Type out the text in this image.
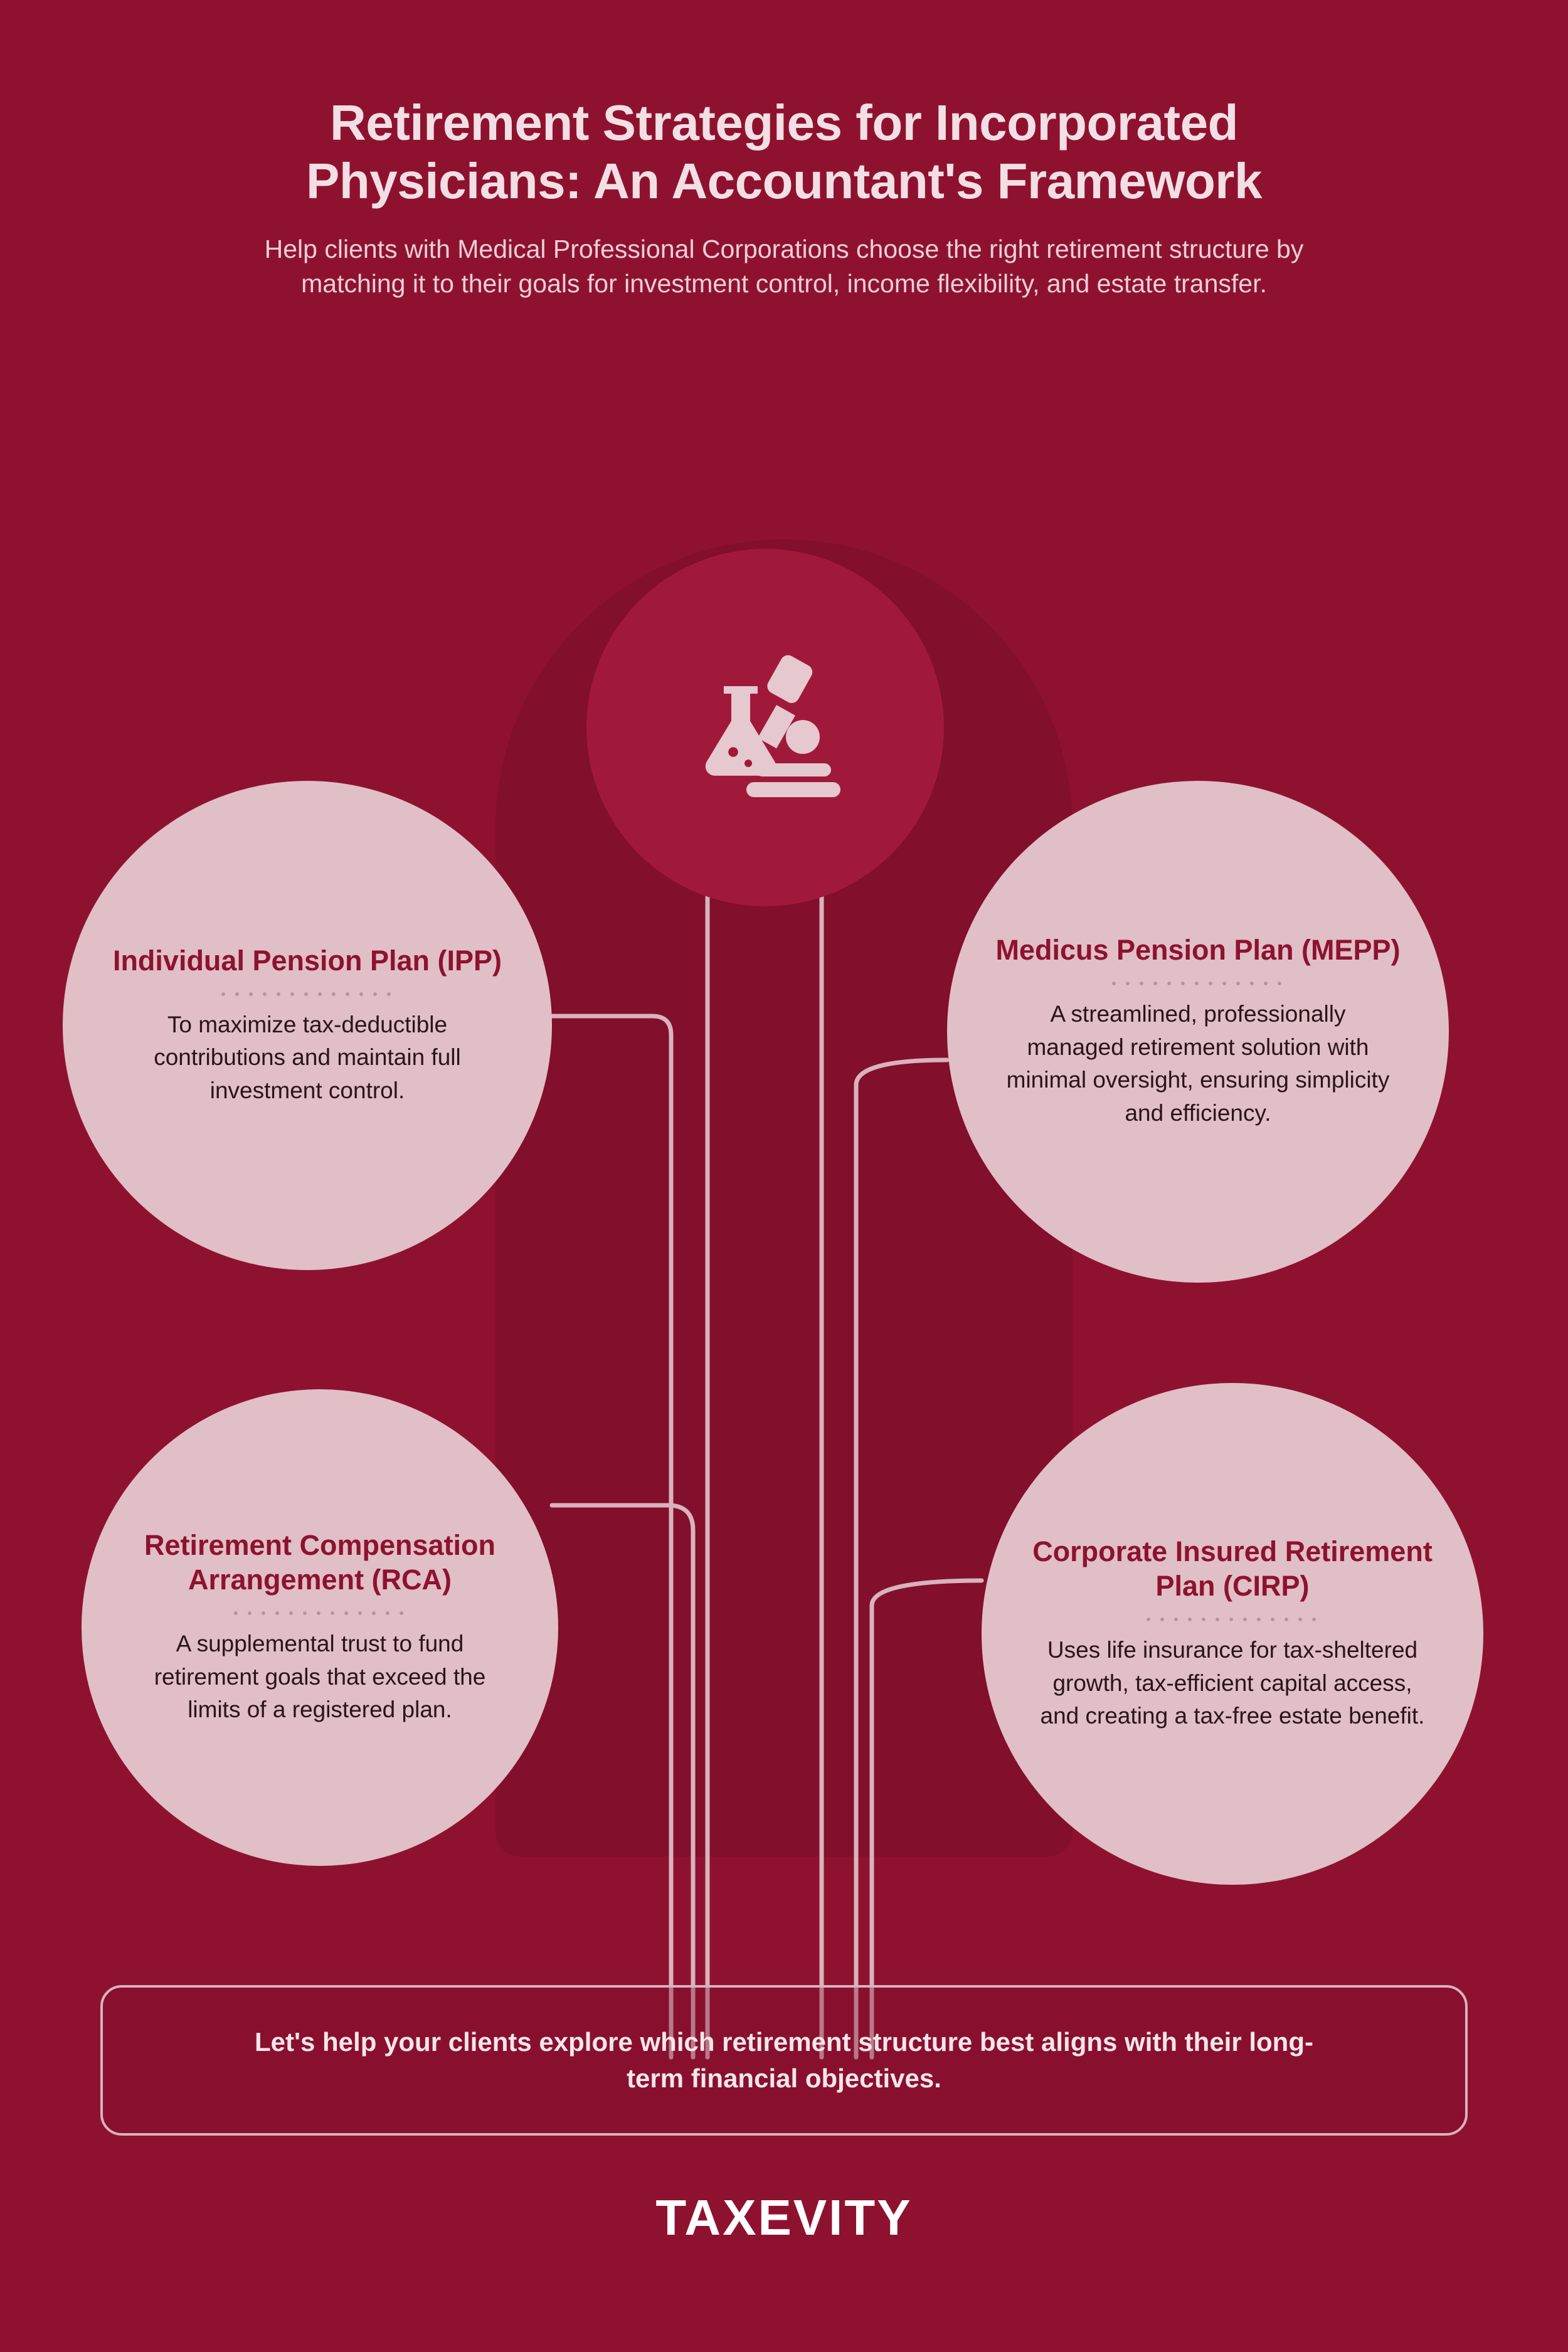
Retirement Strategies for Incorporated Physicians: An Accountant's Framework

Help clients with Medical Professional Corporations choose the right retirement structure by matching it to their goals for investment control, income flexibility, and estate transfer.

Individual Pension Plan (IPP)

To maximize tax-deductible contributions and maintain full investment control.

Medicus Pension Plan (MEPP)

A streamlined, professionally managed retirement solution with minimal oversight, ensuring simplicity and efficiency.

Retirement Compensation Arrangement (RCA)

A supplemental trust to fund retirement goals that exceed the limits of a registered plan.

Corporate Insured Retirement Plan (CIRP)

Uses life insurance for tax-sheltered growth, tax-efficient capital access, and creating a tax-free estate benefit.

Let's help your clients explore which retirement structure best aligns with their long-term financial objectives.

TAXEVITY
